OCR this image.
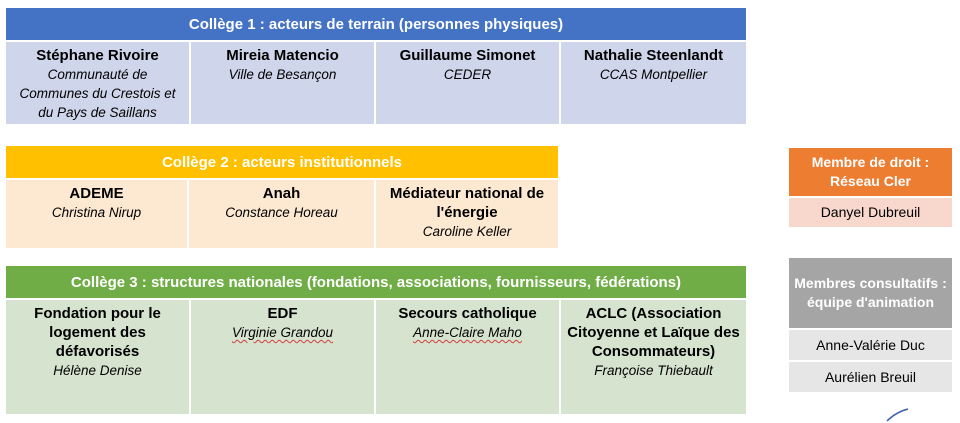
Collège 1 : acteurs de terrain (personnes physiques)
Stéphane Rivoire
Communauté de Communes du Crestois et du Pays de Saillans
Mireia Matencio
Ville de Besançon
Guillaume Simonet
CEDER
Nathalie Steenlandt
CCAS Montpellier
Collège 2 : acteurs institutionnels
ADEME
Christina Nirup
Anah
Constance Horeau
Médiateur national de l'énergie
Caroline Keller
Collège 3 : structures nationales (fondations, associations, fournisseurs, fédérations)
Fondation pour le logement des défavorisés
Hélène Denise
EDF
Virginie Grandou
Secours catholique
Anne-Claire Maho
ACLC (Association Citoyenne et Laïque des Consommateurs)
Françoise Thiebault
Membre de droit : Réseau Cler
Danyel Dubreuil
Membres consultatifs : équipe d'animation
Anne-Valérie Duc
Aurélien Breuil
